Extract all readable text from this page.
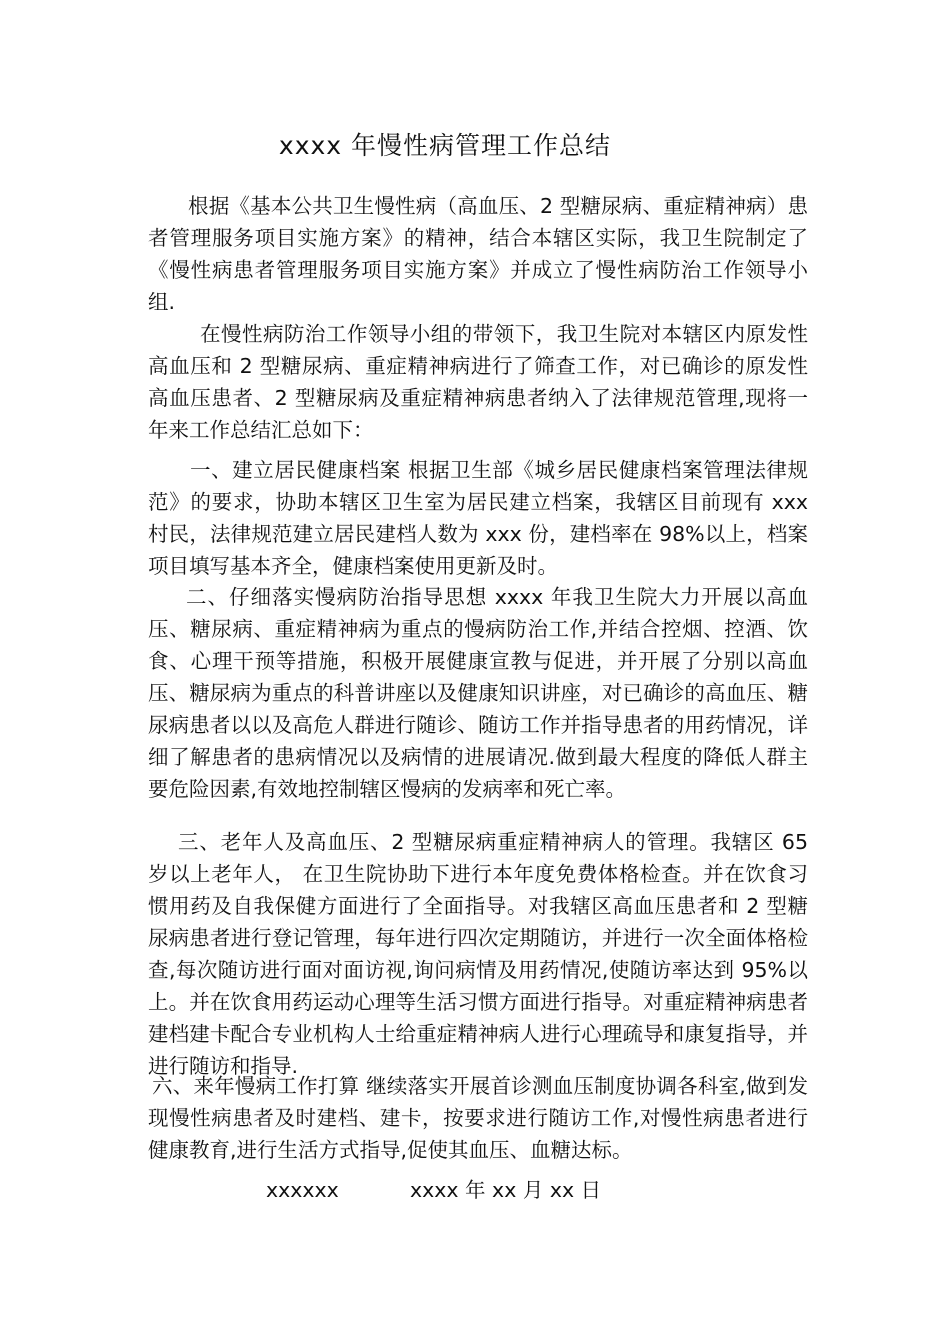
xxxx 年慢性病管理工作总结
根据《基本公共卫生慢性病（高血压、2 型糖尿病、重症精神病）患者管理服务项目实施方案》的精神，结合本辖区实际，我卫生院制定了《慢性病患者管理服务项目实施方案》并成立了慢性病防治工作领导小组.
在慢性病防治工作领导小组的带领下，我卫生院对本辖区内原发性高血压和 2 型糖尿病、重症精神病进行了筛查工作，对已确诊的原发性高血压患者、2 型糖尿病及重症精神病患者纳入了法律规范管理,现将一年来工作总结汇总如下：
一、建立居民健康档案 根据卫生部《城乡居民健康档案管理法律规范》的要求，协助本辖区卫生室为居民建立档案，我辖区目前现有 xxx 村民，法律规范建立居民建档人数为 xxx 份，建档率在 98%以上，档案项目填写基本齐全，健康档案使用更新及时。
二、仔细落实慢病防治指导思想 xxxx 年我卫生院大力开展以高血压、糖尿病、重症精神病为重点的慢病防治工作,并结合控烟、控酒、饮食、心理干预等措施，积极开展健康宣教与促进，并开展了分别以高血压、糖尿病为重点的科普讲座以及健康知识讲座，对已确诊的高血压、糖尿病患者以以及高危人群进行随诊、随访工作并指导患者的用药情况，详细了解患者的患病情况以及病情的进展请况.做到最大程度的降低人群主要危险因素,有效地控制辖区慢病的发病率和死亡率。
三、老年人及高血压、2 型糖尿病重症精神病人的管理。我辖区 65 岁以上老年人， 在卫生院协助下进行本年度免费体格检查。并在饮食习惯用药及自我保健方面进行了全面指导。对我辖区高血压患者和 2 型糖尿病患者进行登记管理，每年进行四次定期随访，并进行一次全面体格检查,每次随访进行面对面访视,询问病情及用药情况,使随访率达到 95%以上。并在饮食用药运动心理等生活习惯方面进行指导。对重症精神病患者建档建卡配合专业机构人士给重症精神病人进行心理疏导和康复指导，并进行随访和指导.
六、来年慢病工作打算 继续落实开展首诊测血压制度协调各科室,做到发现慢性病患者及时建档、建卡，按要求进行随访工作,对慢性病患者进行健康教育,进行生活方式指导,促使其血压、血糖达标。
xxxxxx	xxxx 年 xx 月 xx 日
